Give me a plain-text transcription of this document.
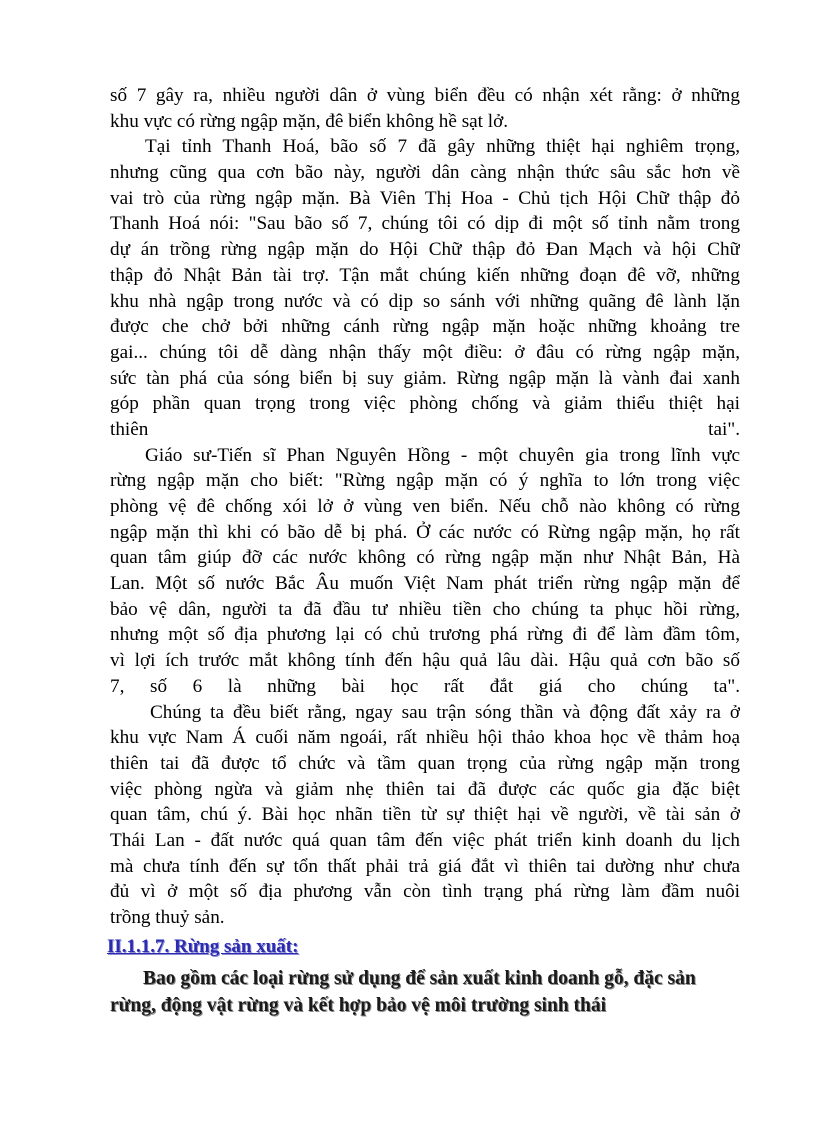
số 7 gây ra, nhiều người dân ở vùng biển đều có nhận xét rằng: ở những
khu vực có rừng ngập mặn, đê biển không hề sạt lở.
Tại tỉnh Thanh Hoá, bão số 7 đã gây những thiệt hại nghiêm trọng,
nhưng cũng qua cơn bão này, người dân càng nhận thức sâu sắc hơn về
vai trò của rừng ngập mặn. Bà Viên Thị Hoa - Chủ tịch Hội Chữ thập đỏ
Thanh Hoá nói: "Sau bão số 7, chúng tôi có dịp đi một số tỉnh nằm trong
dự án trồng rừng ngập mặn do Hội Chữ thập đỏ Đan Mạch và hội Chữ
thập đỏ Nhật Bản tài trợ. Tận mắt chúng kiến những đoạn đê vỡ, những
khu nhà ngập trong nước và có dịp so sánh với những quãng đê lành lặn
được che chở bởi những cánh rừng ngập mặn hoặc những khoảng tre
gai... chúng tôi dễ dàng nhận thấy một điều: ở đâu có rừng ngập mặn,
sức tàn phá của sóng biển bị suy giảm. Rừng ngập mặn là vành đai xanh
góp phần quan trọng trong việc phòng chống và giảm thiểu thiệt hại
thiên tai".
Giáo sư-Tiến sĩ Phan Nguyên Hồng - một chuyên gia trong lĩnh vực
rừng ngập mặn cho biết: "Rừng ngập mặn có ý nghĩa to lớn trong việc
phòng vệ đê chống xói lở ở vùng ven biển. Nếu chỗ nào không có rừng
ngập mặn thì khi có bão dễ bị phá. Ở các nước có Rừng ngập mặn, họ rất
quan tâm giúp đỡ các nước không có rừng ngập mặn như Nhật Bản, Hà
Lan. Một số nước Bắc Âu muốn Việt Nam phát triển rừng ngập mặn để
bảo vệ dân, người ta đã đầu tư nhiều tiền cho chúng ta phục hồi rừng,
nhưng một số địa phương lại có chủ trương phá rừng đi để làm đầm tôm,
vì lợi ích trước mắt không tính đến hậu quả lâu dài. Hậu quả cơn bão số
7, số 6 là những bài học rất đắt giá cho chúng ta".
Chúng ta đều biết rằng, ngay sau trận sóng thần và động đất xảy ra ở
khu vực Nam Á cuối năm ngoái, rất nhiều hội thảo khoa học về thảm hoạ
thiên tai đã được tổ chức và tầm quan trọng của rừng ngập mặn trong
việc phòng ngừa và giảm nhẹ thiên tai đã được các quốc gia đặc biệt
quan tâm, chú ý. Bài học nhãn tiền từ sự thiệt hại về người, về tài sản ở
Thái Lan - đất nước quá quan tâm đến việc phát triển kinh doanh du lịch
mà chưa tính đến sự tổn thất phải trả giá đắt vì thiên tai dường như chưa
đủ vì ở một số địa phương vẫn còn tình trạng phá rừng làm đầm nuôi
trồng thuỷ sản.
II.1.1.7. Rừng sản xuất:
Bao gồm các loại rừng sử dụng để sản xuất kinh doanh gỗ, đặc sản
rừng, động vật rừng và kết hợp bảo vệ môi trường sinh thái
